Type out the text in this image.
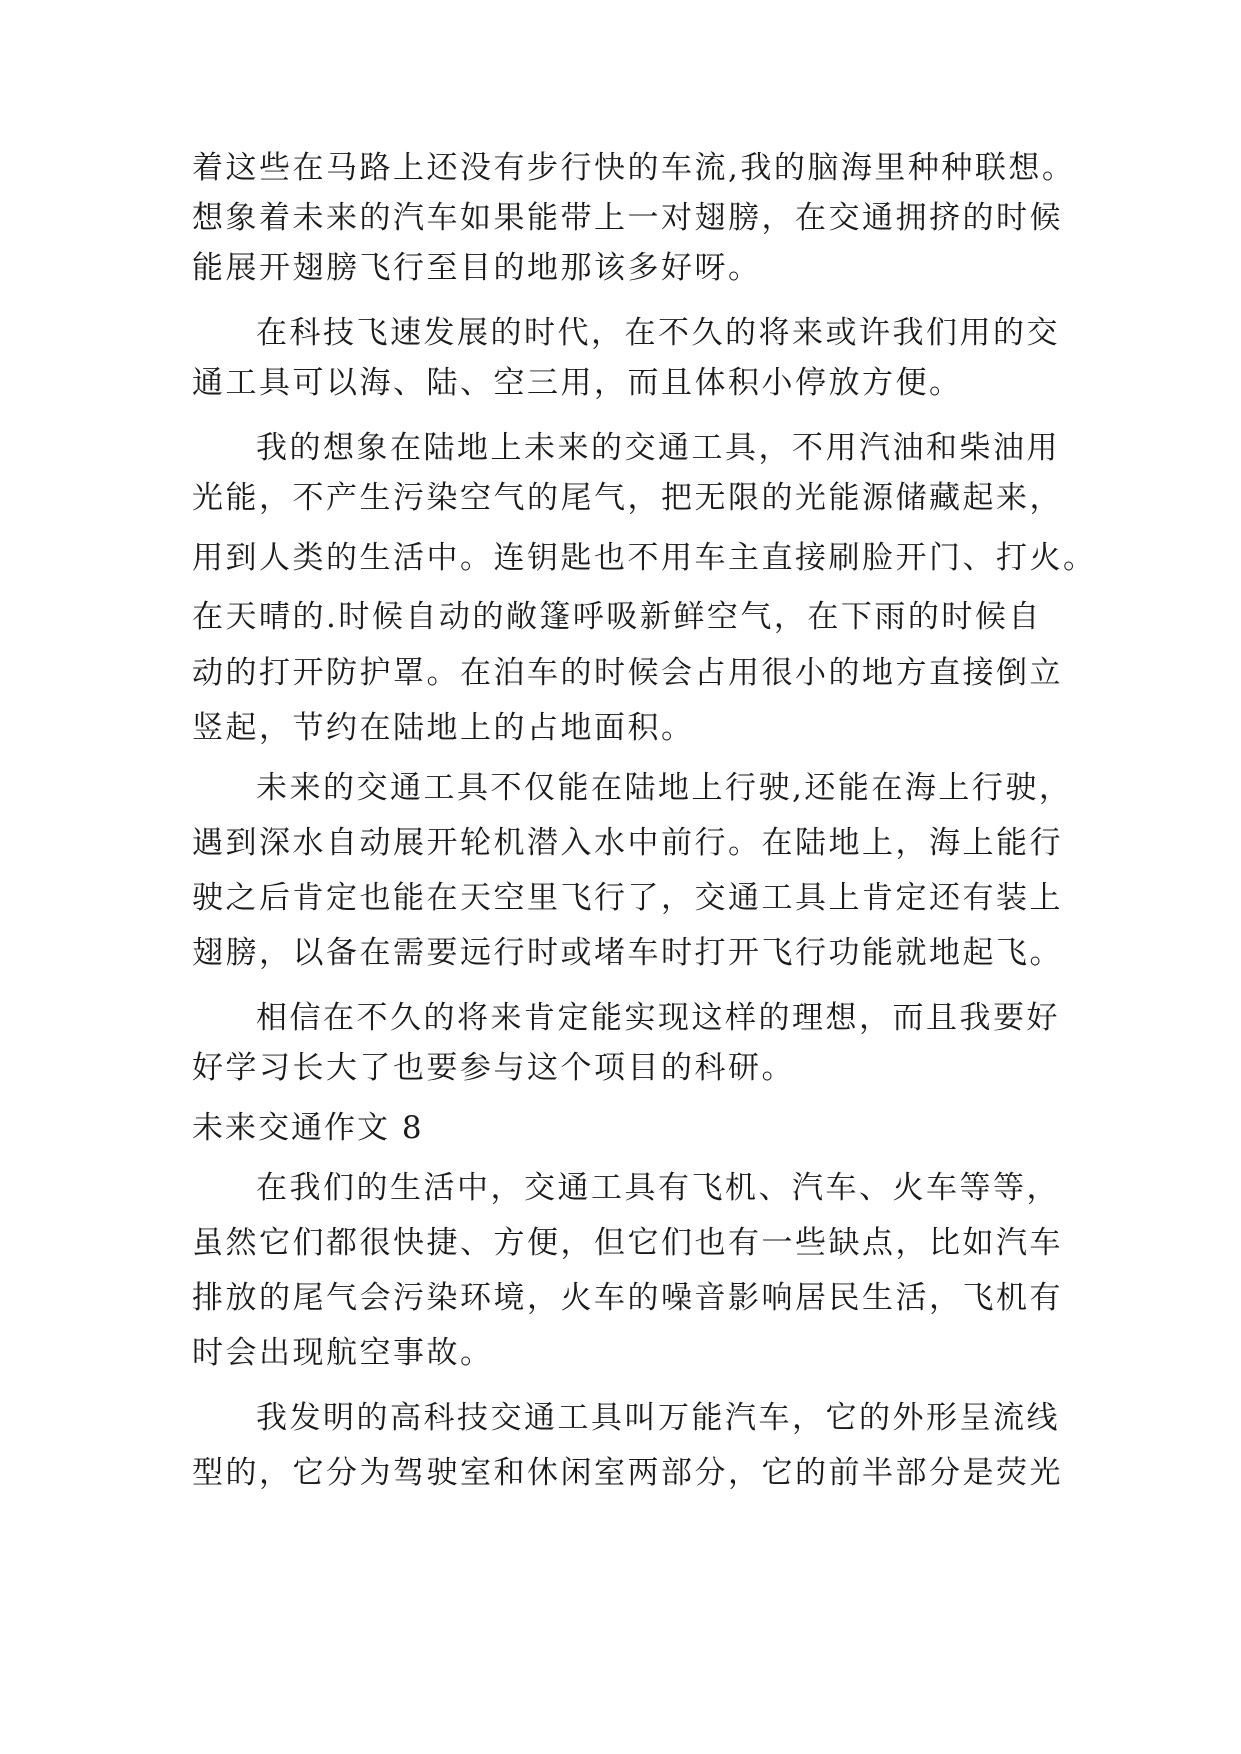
着这些在马路上还没有步行快的车流,我的脑海里种种联想。

想象着未来的汽车如果能带上一对翅膀，在交通拥挤的时候

能展开翅膀飞行至目的地那该多好呀。

在科技飞速发展的时代，在不久的将来或许我们用的交

通工具可以海、陆、空三用，而且体积小停放方便。

我的想象在陆地上未来的交通工具，不用汽油和柴油用

光能，不产生污染空气的尾气，把无限的光能源储藏起来，

用到人类的生活中。连钥匙也不用车主直接刷脸开门、打火。

在天晴的.时候自动的敞篷呼吸新鲜空气，在下雨的时候自

动的打开防护罩。在泊车的时候会占用很小的地方直接倒立

竖起，节约在陆地上的占地面积。

未来的交通工具不仅能在陆地上行驶,还能在海上行驶，

遇到深水自动展开轮机潜入水中前行。在陆地上，海上能行

驶之后肯定也能在天空里飞行了，交通工具上肯定还有装上

翅膀，以备在需要远行时或堵车时打开飞行功能就地起飞。

相信在不久的将来肯定能实现这样的理想，而且我要好

好学习长大了也要参与这个项目的科研。

未来交通作文 8

在我们的生活中，交通工具有飞机、汽车、火车等等，

虽然它们都很快捷、方便，但它们也有一些缺点，比如汽车

排放的尾气会污染环境，火车的噪音影响居民生活，飞机有

时会出现航空事故。

我发明的高科技交通工具叫万能汽车，它的外形呈流线

型的，它分为驾驶室和休闲室两部分，它的前半部分是荧光
